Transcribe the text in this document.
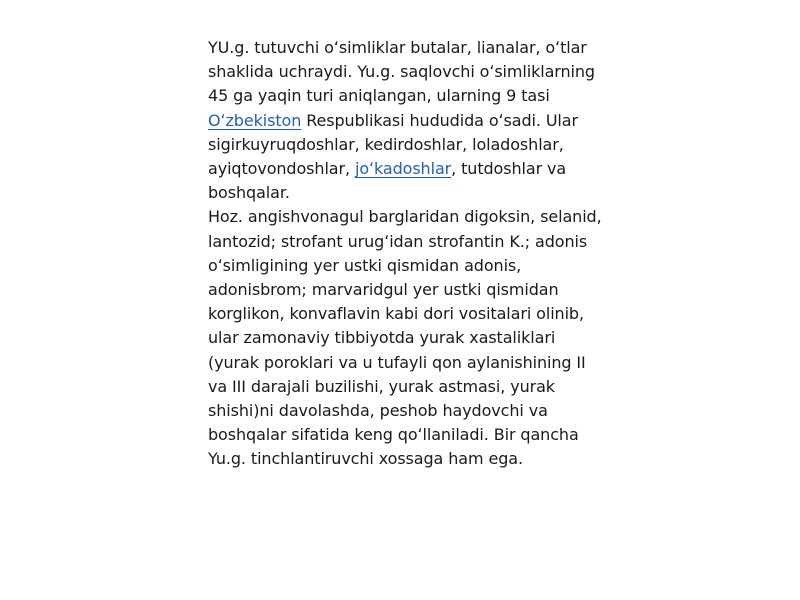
YU.g. tutuvchi oʻsimliklar butalar, lianalar, oʻtlar shaklida uchraydi. Yu.g. saqlovchi oʻsimliklarning 45 ga yaqin turi aniqlangan, ularning 9 tasi Oʻzbekiston Respublikasi hududida oʻsadi. Ular sigirkuyruqdoshlar, kedirdoshlar, loladoshlar, ayiqtovondoshlar, joʻkadoshlar, tutdoshlar va boshqalar.

Hoz. angishvonagul barglaridan digoksin, selanid, lantozid; strofant urugʻidan strofantin K.; adonis oʻsimligining yer ustki qismidan adonis, adonisbrom; marvaridgul yer ustki qismidan korglikon, konvaflavin kabi dori vositalari olinib, ular zamonaviy tibbiyotda yurak xastaliklari (yurak poroklari va u tufayli qon aylanishining II va III darajali buzilishi, yurak astmasi, yurak shishi)ni davolashda, peshob haydovchi va boshqalar sifatida keng qoʻllaniladi. Bir qancha Yu.g. tinchlantiruvchi xossaga ham ega.
